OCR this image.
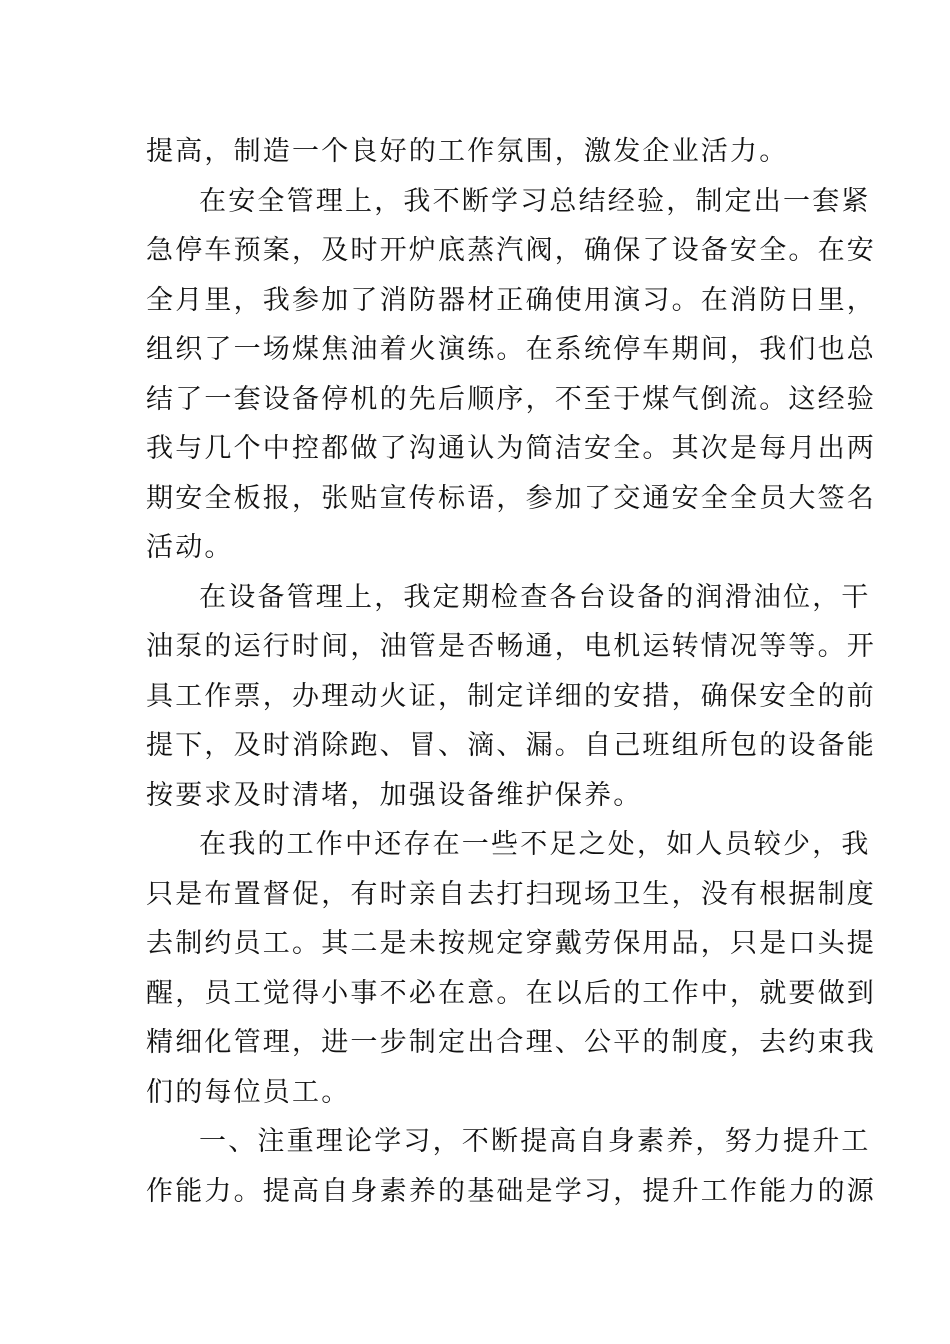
提高，制造一个良好的工作氛围，激发企业活力。
在安全管理上，我不断学习总结经验，制定出一套紧
急停车预案，及时开炉底蒸汽阀，确保了设备安全。在安
全月里，我参加了消防器材正确使用演习。在消防日里，
组织了一场煤焦油着火演练。在系统停车期间，我们也总
结了一套设备停机的先后顺序，不至于煤气倒流。这经验
我与几个中控都做了沟通认为简洁安全。其次是每月出两
期安全板报，张贴宣传标语，参加了交通安全全员大签名
活动。
在设备管理上，我定期检查各台设备的润滑油位，干
油泵的运行时间，油管是否畅通，电机运转情况等等。开
具工作票，办理动火证，制定详细的安措，确保安全的前
提下，及时消除跑、冒、滴、漏。自己班组所包的设备能
按要求及时清堵，加强设备维护保养。
在我的工作中还存在一些不足之处，如人员较少，我
只是布置督促，有时亲自去打扫现场卫生，没有根据制度
去制约员工。其二是未按规定穿戴劳保用品，只是口头提
醒，员工觉得小事不必在意。在以后的工作中，就要做到
精细化管理，进一步制定出合理、公平的制度，去约束我
们的每位员工。
一、注重理论学习，不断提高自身素养，努力提升工
作能力。提高自身素养的基础是学习，提升工作能力的源
